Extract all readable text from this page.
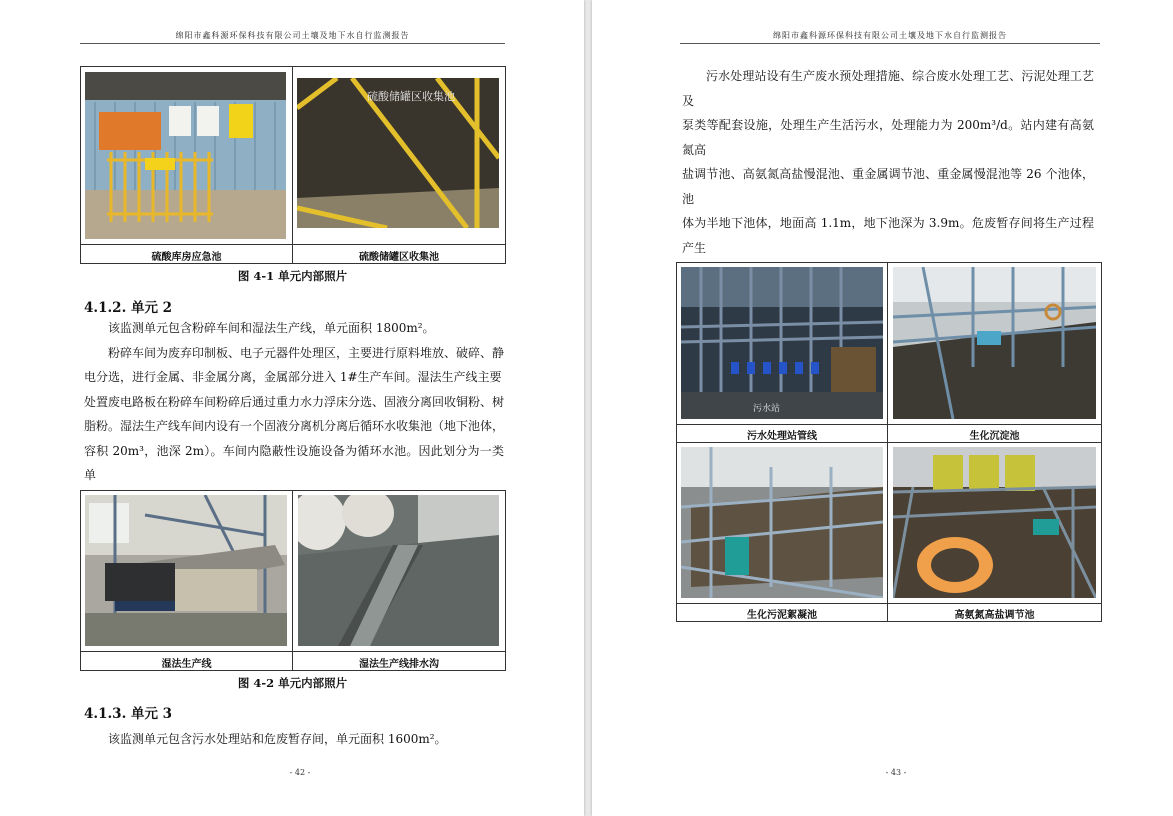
绵阳市鑫科源环保科技有限公司土壤及地下水自行监测报告
硫酸储罐区收集池
硫酸库房应急池	硫酸储罐区收集池
图 4-1 单元内部照片
4.1.2. 单元 2
该监测单元包含粉碎车间和湿法生产线，单元面积 1800m²。
粉碎车间为废弃印制板、电子元器件处理区，主要进行原料堆放、破碎、静
电分选，进行金属、非金属分离，金属部分进入 1#生产车间。湿法生产线主要
处置废电路板在粉碎车间粉碎后通过重力水力浮床分选、固液分离回收铜粉、树
脂粉。湿法生产线车间内设有一个固液分离机分离后循环水收集池（地下池体，
容积 20m³，池深 2m）。车间内隐蔽性设施设备为循环水池。因此划分为一类单
湿法生产线	湿法生产线排水沟
图 4-2 单元内部照片
4.1.3. 单元 3
该监测单元包含污水处理站和危废暂存间，单元面积 1600m²。
- 42 -
绵阳市鑫科源环保科技有限公司土壤及地下水自行监测报告
污水处理站设有生产废水预处理措施、综合废水处理工艺、污泥处理工艺及
泵类等配套设施，处理生产生活污水，处理能力为 200m³/d。站内建有高氨氮高
盐调节池、高氨氮高盐慢混池、重金属调节池、重金属慢混池等 26 个池体，池
体为半地下池体，地面高 1.1m，地下池深为 3.9m。危废暂存间将生产过程产生
污水站
污水处理站管线	生化沉淀池
生化污泥絮凝池	高氨氮高盐调节池
- 43 -
